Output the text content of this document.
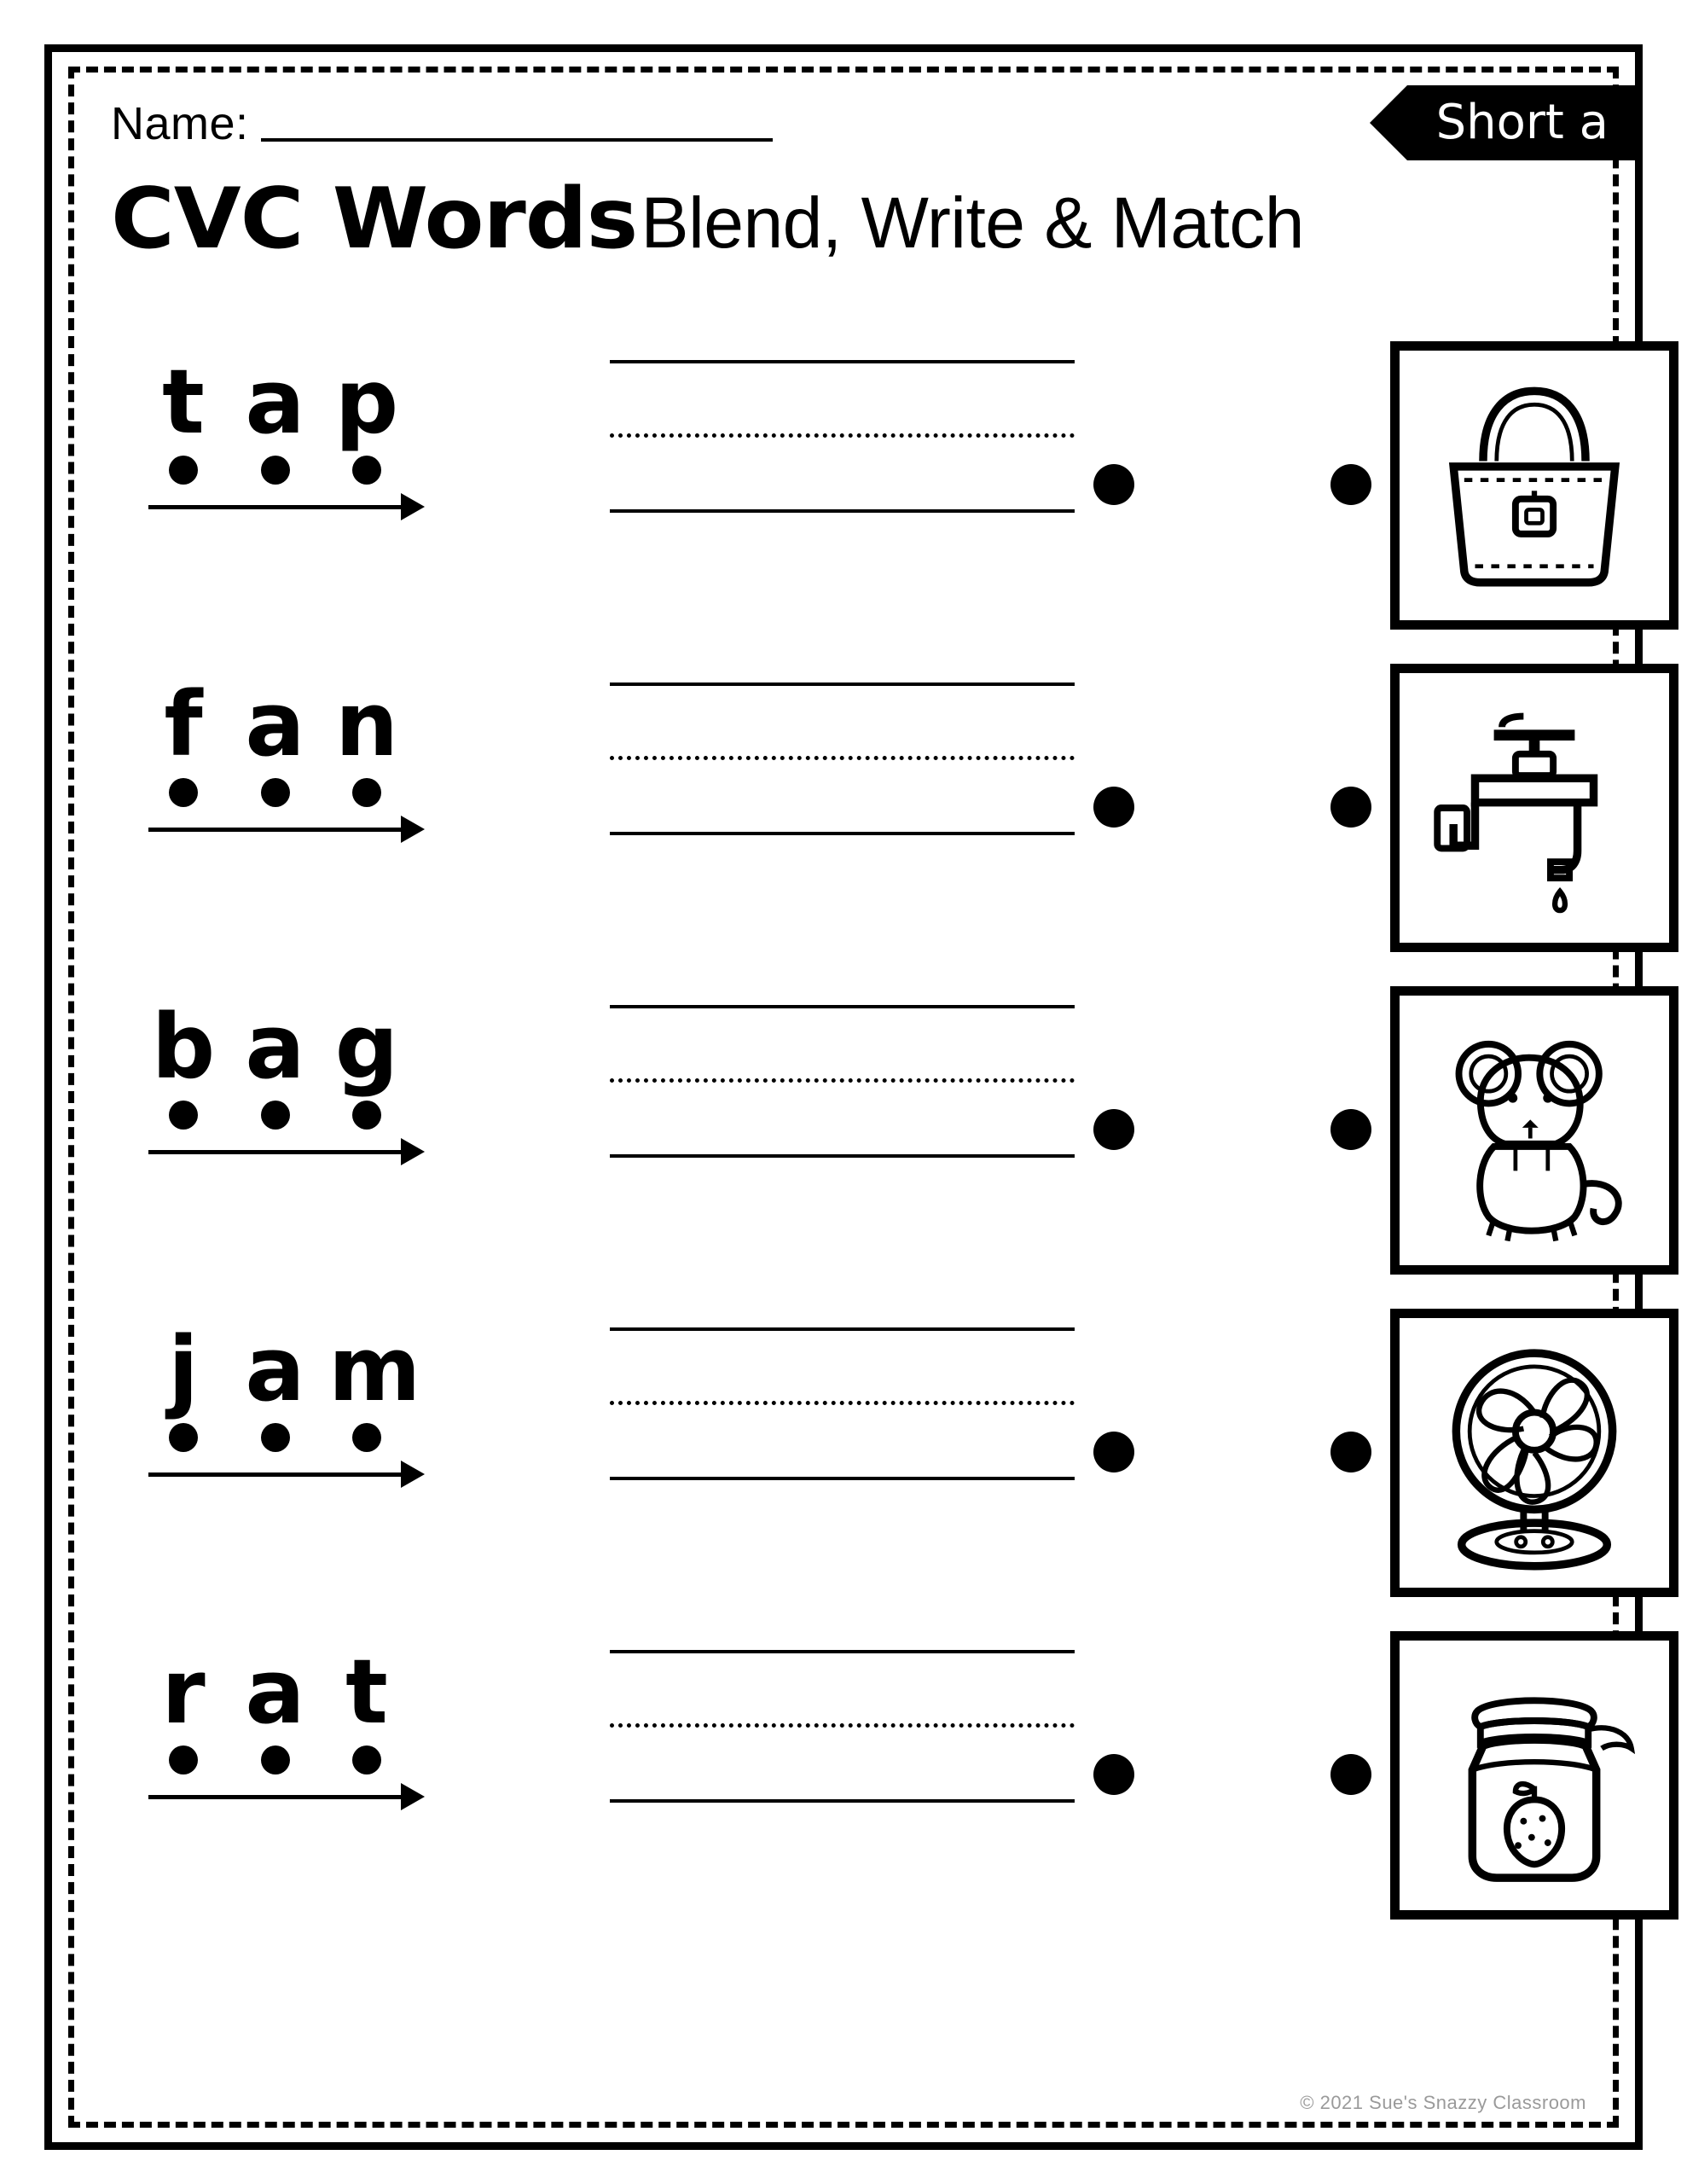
Name:	Short a
CVC Words Blend, Write & Match
t a p
f a n
b a g
j a m
r a t
© 2021 Sue's Snazzy Classroom
